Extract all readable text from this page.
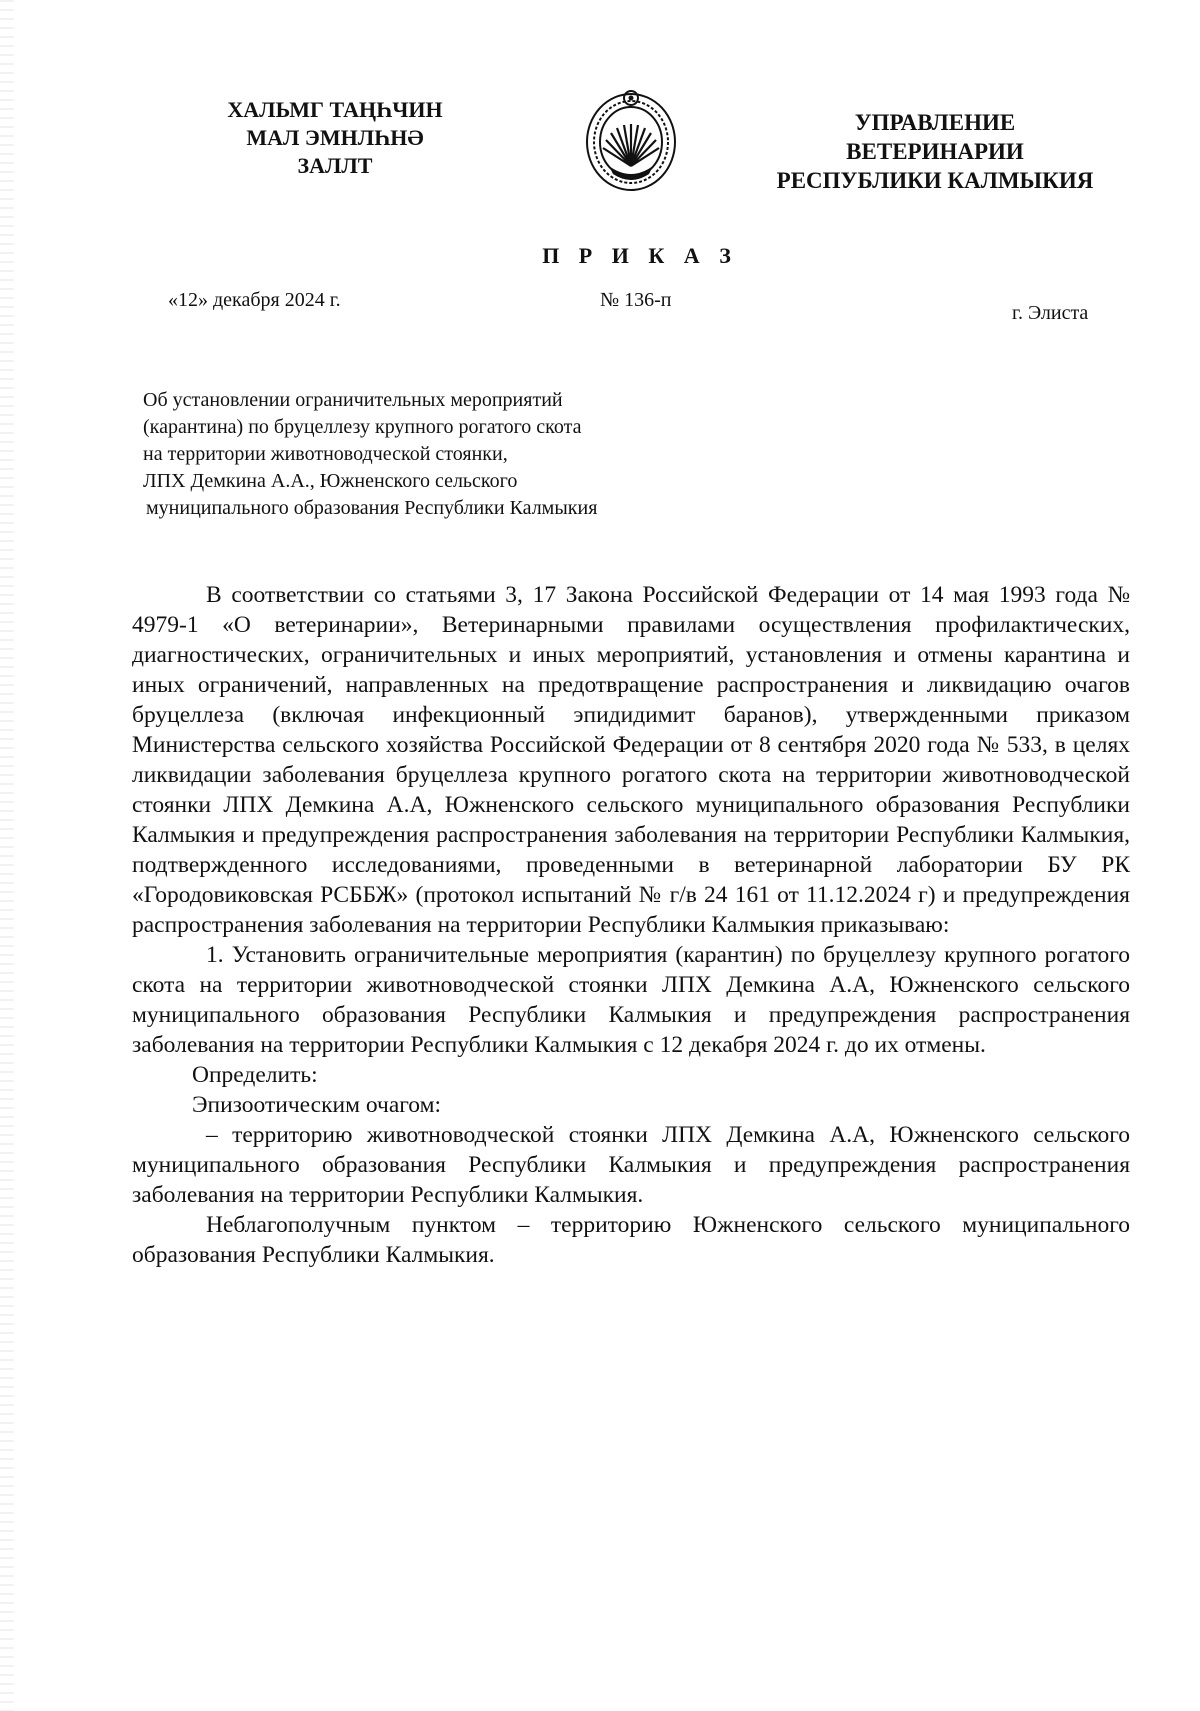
ХАЛЬМГ ТАҢҺЧИН
МАЛ ЭМНЛҺНӘ
ЗАЛЛТ
УПРАВЛЕНИЕ
ВЕТЕРИНАРИИ
РЕСПУБЛИКИ КАЛМЫКИЯ
П Р И К А З
«12» декабря 2024 г.	№ 136-п
г. Элиста
Об установлении ограничительных мероприятий
(карантина) по бруцеллезу крупного рогатого скота
на территории животноводческой стоянки,
ЛПХ Демкина А.А., Южненского сельского
муниципального образования Республики Калмыкия

В соответствии со статьями 3, 17 Закона Российской Федерации от 14 мая 1993 года № 4979-1 «О ветеринарии», Ветеринарными правилами осуществления профилактических, диагностических, ограничительных и иных мероприятий, установления и отмены карантина и иных ограничений, направленных на предотвращение распространения и ликвидацию очагов бруцеллеза (включая инфекционный эпидидимит баранов), утвержденными приказом Министерства сельского хозяйства Российской Федерации от 8 сентября 2020 года № 533, в целях ликвидации заболевания бруцеллеза крупного рогатого скота на территории животноводческой стоянки ЛПХ Демкина А.А, Южненского сельского муниципального образования Республики Калмыкия и предупреждения распространения заболевания на территории Республики Калмыкия, подтвержденного исследованиями, проведенными в ветеринарной лаборатории БУ РК «Городовиковская РСББЖ» (протокол испытаний № г/в 24 161 от 11.12.2024 г) и предупреждения распространения заболевания на территории Республики Калмыкия приказываю:

1. Установить ограничительные мероприятия (карантин) по бруцеллезу крупного рогатого скота на территории животноводческой стоянки ЛПХ Демкина А.А, Южненского сельского муниципального образования Республики Калмыкия и предупреждения распространения заболевания на территории Республики Калмыкия с 12 декабря 2024 г. до их отмены.

Определить:

Эпизоотическим очагом:

– территорию животноводческой стоянки ЛПХ Демкина А.А, Южненского сельского муниципального образования Республики Калмыкия и предупреждения распространения заболевания на территории Республики Калмыкия.

Неблагополучным пунктом – территорию Южненского сельского муниципального образования Республики Калмыкия.
